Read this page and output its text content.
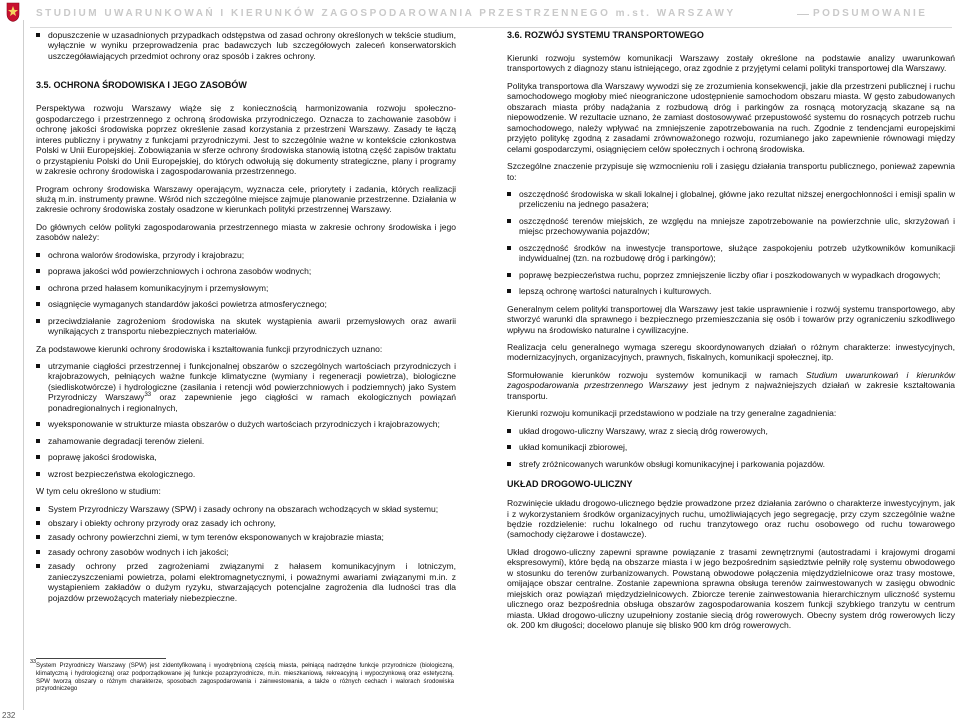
STUDIUM UWARUNKOWAŃ I KIERUNKÓW ZAGOSPODAROWANIA PRZESTRZENNEGO m.st. WARSZAWY	PODSUMOWANIE
232
dopuszczenie w uzasadnionych przypadkach odstępstwa od zasad ochrony określonych w tekście studium, wyłącznie w wyniku przeprowadzenia prac badawczych lub szczegółowych zaleceń konserwatorskich uszczegóławiających przedmiot ochrony oraz sposób i zakres ochrony.
3.5. OCHRONA ŚRODOWISKA I JEGO ZASOBÓW

Perspektywa rozwoju Warszawy wiąże się z koniecznością harmonizowania rozwoju społeczno-gospodarczego i przestrzennego z ochroną środowiska przyrodniczego. Oznacza to zachowanie zasobów i ochronę jakości środowiska poprzez określenie zasad korzystania z przestrzeni Warszawy. Zasady te łączą interes publiczny i prywatny z funkcjami przyrodniczymi. Jest to szczególnie ważne w kontekście członkostwa Polski w Unii Europejskiej. Zobowiązania w sferze ochrony środowiska stanowią istotną część zapisów traktatu o przystąpieniu Polski do Unii Europejskiej, do których odwołują się dokumenty strategiczne, plany i programy w zakresie ochrony środowiska i zagospodarowania przestrzennego.

Program ochrony środowiska Warszawy operającym, wyznacza cele, priorytety i zadania, których realizacji służą m.in. instrumenty prawne. Wśród nich szczególne miejsce zajmuje planowanie przestrzenne. Działania w zakresie ochrony środowiska zostały osadzone w kierunkach polityki przestrzennej Warszawy.

Do głównych celów polityki zagospodarowania przestrzennego miasta w zakresie ochrony środowiska i jego zasobów należy:

ochrona walorów środowiska, przyrody i krajobrazu;
poprawa jakości wód powierzchniowych i ochrona zasobów wodnych;
ochrona przed hałasem komunikacyjnym i przemysłowym;
osiągnięcie wymaganych standardów jakości powietrza atmosferycznego;
przeciwdziałanie zagrożeniom środowiska na skutek wystąpienia awarii przemysłowych oraz awarii wynikających z transportu niebezpiecznych materiałów.

Za podstawowe kierunki ochrony środowiska i kształtowania funkcji przyrodniczych uznano:

utrzymanie ciągłości przestrzennej i funkcjonalnej obszarów o szczególnych wartościach przyrodniczych i krajobrazowych, pełniących ważne funkcje klimatyczne (wymiany i regeneracji powietrza), biologiczne (siedliskotwórcze) i hydrologiczne (zasilania i retencji wód powierzchniowych i podziemnych) jako System Przyrodniczy Warszawy$^{33}$ oraz zapewnienie jego ciągłości w ramach ekologicznych powiązań ponadregionalnych i regionalnych,
wyeksponowanie w strukturze miasta obszarów o dużych wartościach przyrodniczych i krajobrazowych;
zahamowanie degradacji terenów zieleni.
poprawę jakości środowiska,
wzrost bezpieczeństwa ekologicznego.

W tym celu określono w studium:

System Przyrodniczy Warszawy (SPW) i zasady ochrony na obszarach wchodzących w skład systemu;
obszary i obiekty ochrony przyrody oraz zasady ich ochrony,
zasady ochrony powierzchni ziemi, w tym terenów eksponowanych w krajobrazie miasta;
zasady ochrony zasobów wodnych i ich jakości;
zasady ochrony przed zagrożeniami związanymi z hałasem komunikacyjnym i lotniczym, zanieczyszczeniami powietrza, polami elektromagnetycznymi, i poważnymi awariami związanymi m.in. z wystąpieniem zakładów o dużym ryzyku, stwarzających potencjalne zagrożenia dla ludności tras dla pojazdów przewożących materiały niebezpieczne.
33 System Przyrodniczy Warszawy (SPW) jest zidentyfikowaną i wyodrębnioną częścią miasta, pełniącą nadrzędne funkcje przyrodnicze (biologiczną, klimatyczną i hydrologiczną) oraz podporządkowane jej funkcje pozaprzyrodnicze, m.in. mieszkaniową, rekreacyjną i wypoczynkową oraz estetyczną. SPW tworzą obszary o różnym charakterze, sposobach zagospodarowania i zainwestowania, a także o różnych cechach i walorach środowiska przyrodniczego
3.6. ROZWÓJ SYSTEMU TRANSPORTOWEGO

Kierunki rozwoju systemów komunikacji Warszawy zostały określone na podstawie analizy uwarunkowań transportowych z diagnozy stanu istniejącego, oraz zgodnie z przyjętymi celami polityki transportowej dla Warszawy.

Polityka transportowa dla Warszawy wywodzi się ze zrozumienia konsekwencji, jakie dla przestrzeni publicznej i ruchu samochodowego mogłoby mieć nieograniczone udostępnienie samochodom obszaru miasta. W gęsto zabudowanych obszarach miasta próby nadążania z rozbudową dróg i parkingów za rosnącą motoryzacją skazane są na niepowodzenie. W rezultacie uznano, że zamiast dostosowywać przepustowość systemu do rosnących potrzeb ruchu samochodowego, należy wpływać na zmniejszenie zapotrzebowania na ruch. Zgodnie z tendencjami europejskimi przyjęto politykę zgodną z zasadami zrównoważonego rozwoju, rozumianego jako zapewnienie równowagi między celami gospodarczymi, osiągnięciem celów społecznych i ochroną środowiska.

Szczególne znaczenie przypisuje się wzmocnieniu roli i zasięgu działania transportu publicznego, ponieważ zapewnia to:

oszczędność środowiska w skali lokalnej i globalnej, główne jako rezultat niższej energochłonności i emisji spalin w przeliczeniu na jednego pasażera;
oszczędność terenów miejskich, ze względu na mniejsze zapotrzebowanie na powierzchnie ulic, skrzyżowań i miejsc przechowywania pojazdów;
oszczędność środków na inwestycje transportowe, służące zaspokojeniu potrzeb użytkowników komunikacji indywidualnej (tzn. na rozbudowę dróg i parkingów);
poprawę bezpieczeństwa ruchu, poprzez zmniejszenie liczby ofiar i poszkodowanych w wypadkach drogowych;
lepszą ochronę wartości naturalnych i kulturowych.

Generalnym celem polityki transportowej dla Warszawy jest takie usprawnienie i rozwój systemu transportowego, aby stworzyć warunki dla sprawnego i bezpiecznego przemieszczania się osób i towarów przy ograniczeniu szkodliwego wpływu na środowisko naturalne i cywilizacyjne.

Realizacja celu generalnego wymaga szeregu skoordynowanych działań o różnym charakterze: inwestycyjnych, modernizacyjnych, organizacyjnych, prawnych, fiskalnych, komunikacji społecznej, itp.

Sformułowanie kierunków rozwoju systemów komunikacji w ramach Studium uwarunkowań i kierunków zagospodarowania przestrzennego Warszawy jest jednym z najważniejszych działań w zakresie kształtowania transportu.

Kierunki rozwoju komunikacji przedstawiono w podziale na trzy generalne zagadnienia:

układ drogowo-uliczny Warszawy, wraz z siecią dróg rowerowych,
układ komunikacji zbiorowej,
strefy zróżnicowanych warunków obsługi komunikacyjnej i parkowania pojazdów.
UKŁAD DROGOWO-ULICZNY

Rozwinięcie układu drogowo-ulicznego będzie prowadzone przez działania zarówno o charakterze inwestycyjnym, jak i z wykorzystaniem środków organizacyjnych ruchu, umożliwiających jego segregację, przy czym szczególnie ważne będzie rozdzielenie: ruchu lokalnego od ruchu tranzytowego oraz ruchu osobowego od ruchu towarowego (samochody ciężarowe i dostawcze).

Układ drogowo-uliczny zapewni sprawne powiązanie z trasami zewnętrznymi (autostradami i krajowymi drogami ekspresowymi), które będą na obszarze miasta i w jego bezpośrednim sąsiedztwie pełniły rolę systemu obwodowego w stosunku do terenów zurbanizowanych. Powstaną obwodowe połączenia międzydzielnicowe oraz trasy mostowe, omijające obszar centralne. Zostanie zapewniona sprawna obsługa terenów zainwestowanych w zasięgu obwodnic miejskich oraz powiązań międzydzielnicowych. Zbiorcze terenie zainwestowania hierarchicznym uliczność systemu ulicznego oraz bezpośrednia obsługa obszarów zagospodarowania koszem funkcji szybkiego tranzytu w centrum miasta. Układ drogowo-uliczny uzupełniony zostanie siecią dróg rowerowych. Obecny system dróg rowerowych liczy ok. 200 km długości; docelowo planuje się blisko 900 km dróg rowerowych.
